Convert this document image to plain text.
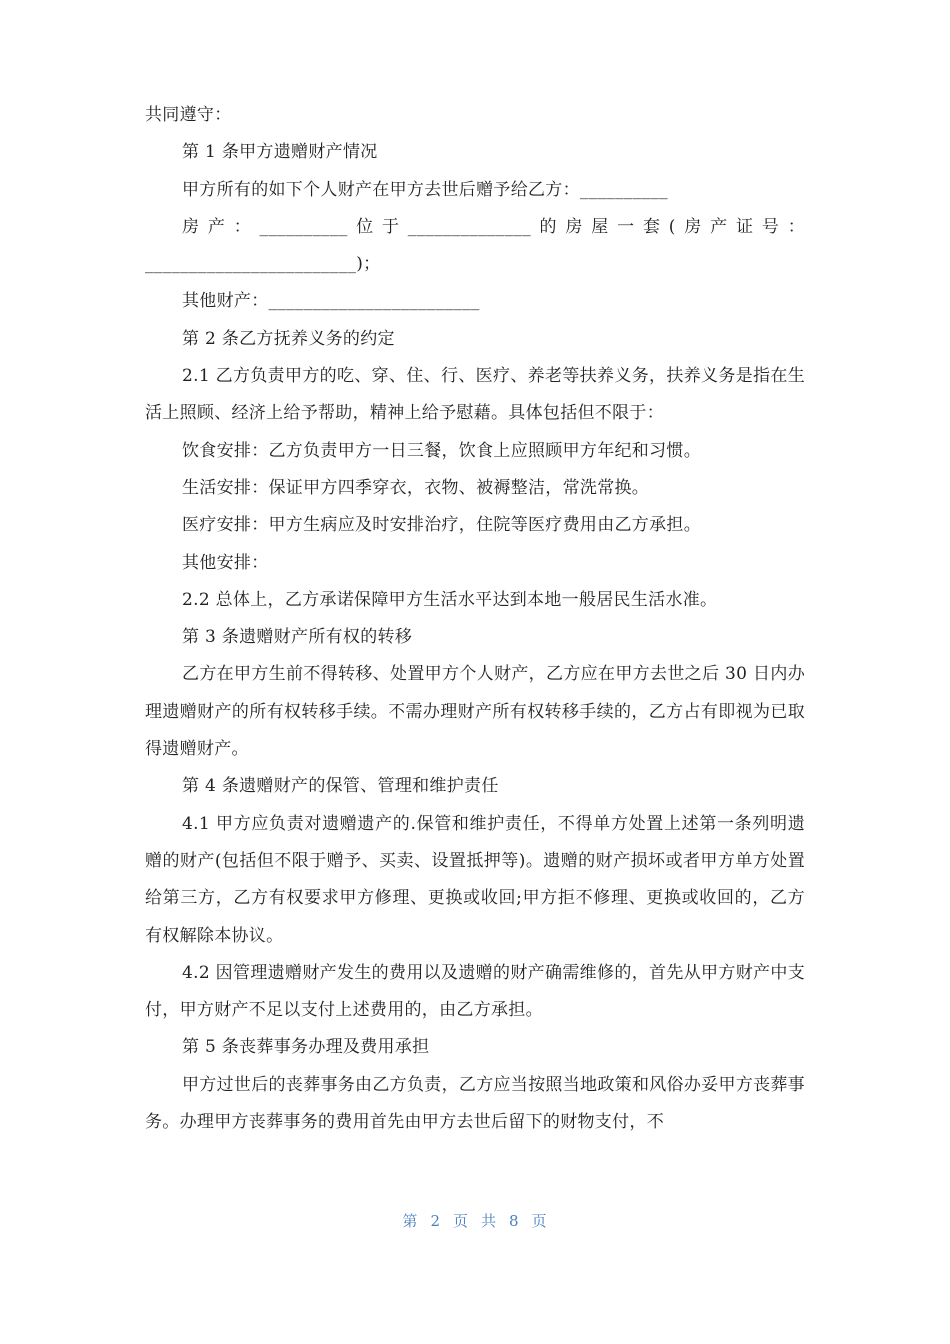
共同遵守：

第 1 条甲方遗赠财产情况

甲方所有的如下个人财产在甲方去世后赠予给乙方：__________

房产：__________位于______________的房屋一套(房产证号：________________________)；

其他财产：________________________

第 2 条乙方抚养义务的约定

2.1 乙方负责甲方的吃、穿、住、行、医疗、养老等扶养义务，扶养义务是指在生活上照顾、经济上给予帮助，精神上给予慰藉。具体包括但不限于：

饮食安排：乙方负责甲方一日三餐，饮食上应照顾甲方年纪和习惯。

生活安排：保证甲方四季穿衣，衣物、被褥整洁，常洗常换。

医疗安排：甲方生病应及时安排治疗，住院等医疗费用由乙方承担。

其他安排：

2.2 总体上，乙方承诺保障甲方生活水平达到本地一般居民生活水准。

第 3 条遗赠财产所有权的转移

乙方在甲方生前不得转移、处置甲方个人财产，乙方应在甲方去世之后 30 日内办理遗赠财产的所有权转移手续。不需办理财产所有权转移手续的，乙方占有即视为已取得遗赠财产。

第 4 条遗赠财产的保管、管理和维护责任

4.1 甲方应负责对遗赠遗产的.保管和维护责任，不得单方处置上述第一条列明遗赠的财产(包括但不限于赠予、买卖、设置抵押等)。遗赠的财产损坏或者甲方单方处置给第三方，乙方有权要求甲方修理、更换或收回;甲方拒不修理、更换或收回的，乙方有权解除本协议。

4.2 因管理遗赠财产发生的费用以及遗赠的财产确需维修的，首先从甲方财产中支付，甲方财产不足以支付上述费用的，由乙方承担。

第 5 条丧葬事务办理及费用承担

甲方过世后的丧葬事务由乙方负责，乙方应当按照当地政策和风俗办妥甲方丧葬事务。办理甲方丧葬事务的费用首先由甲方去世后留下的财物支付，不

第 2 页 共 8 页
